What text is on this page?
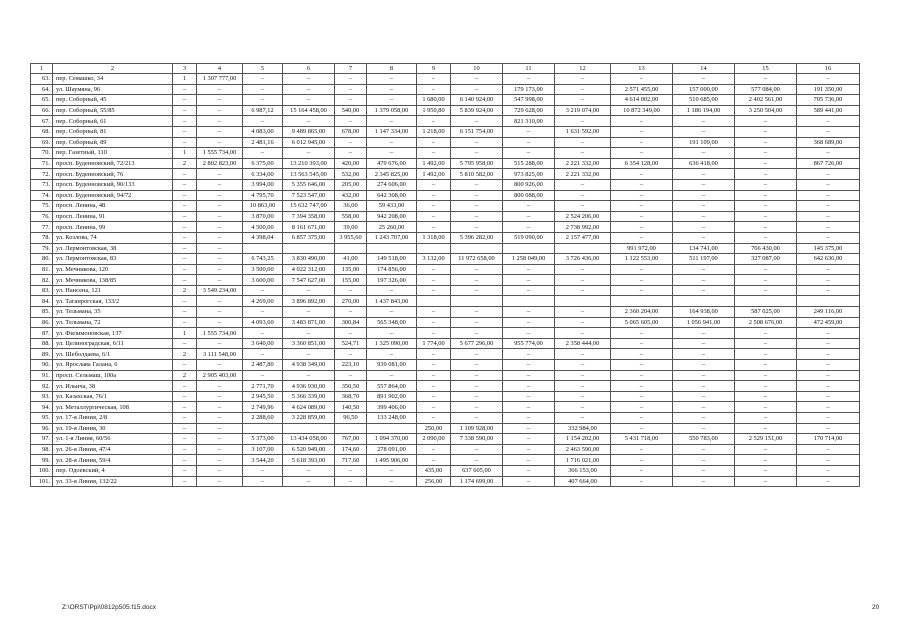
1	2	3	4	5	6	7	8	9	10	11	12	13	14	15	16
63.	пер. Семашко, 34	1	1 307 777,00	–	–	–	–	–	–	–	–	–	–	–	–
64.	ул. Шаумяна, 96	–	–	–	–	–	–	–	–	179 173,00	–	2 571 455,00	157 000,00	577 084,00	191 350,00
65.	пер. Соборный, 45	–	–	–	–	–	–	1 680,00	6 140 924,00	547 998,00	–	4 614 002,00	510 685,00	2 402 561,00	705 736,00
66.	пер. Соборный, 55/85	–	–	6 987,12	15 164 458,00	540,00	1 379 058,00	1 950,80	5 839 924,00	729 628,00	3 219 074,00	10 872 349,00	1 186 194,00	3 250 504,00	589 441,00
67.	пер. Соборный, 61	–	–	–	–	–	–	–	–	821 310,00	–	–	–	–	–
68.	пер. Соборный, 81	–	–	4 083,00	9 489 865,00	678,00	1 147 334,00	1 218,00	6 151 754,00	–	1 631 592,00	–	–	–	–
69.	пер. Соборный, 89	–	–	2 481,16	6 012 945,00	–	–	–	–	–	–	–	191 109,00	–	368 689,00
70.	пер. Газетный, 110	1	1 555 734,00	–	–	–	–	–	–	–	–	–	–	–	–
71.	просп. Буденновский, 72/213	2	2 802 823,00	6 375,00	13 210 393,00	420,00	479 676,00	1 492,00	5 795 958,00	515 288,00	2 221 332,00	6 354 128,00	636 418,00	–	867 726,00
72.	просп. Буденновский, 76	–	–	6 334,00	13 563 545,00	532,00	2 345 825,00	1 492,00	5 810 582,00	973 825,00	2 221 332,00	–	–	–	–
73.	просп. Буденновский, 90/133	–	–	3 994,00	5 355 646,00	205,00	274 606,00	–	–	800 926,00	–	–	–	–	–
74.	просп. Буденновский, 94/72	–	–	4 795,70	7 523 547,00	432,00	642 308,00	–	–	800 088,00	–	–	–	–	–
75.	просп. Ленина, 48	–	–	10 863,00	15 632 747,00	36,00	59 433,00	–	–	–	–	–	–	–	–
76.	просп. Ленина, 91	–	–	3 870,00	7 394 358,00	558,00	942 208,00	–	–	–	2 524 206,00	–	–	–	–
77.	просп. Ленина, 99	–	–	4 500,00	8 161 671,00	39,00	25 260,00	–	–	–	2 738 992,00	–	–	–	–
78.	ул. Козлова, 74	–	–	4 398,04	6 857 375,00	3 955,60	1 243 707,00	1 318,00	5 396 282,00	519 090,00	2 157 477,00	–	–	–	–
79.	ул. Лермонтовская, 38	–	–									991 972,00	134 741,00	766 430,00	145 375,00
80.	ул. Лермонтовская, 83	–	–	6 743,25	3 830 490,00	41,00	149 518,00	3 132,00	11 972 658,00	1 258 049,00	3 726 436,00	1 122 553,00	511 197,00	327 087,00	642 636,00
81.	ул. Мечникова, 120	–	–	3 500,00	4 022 312,00	135,00	174 856,00	–	–	–	–	–	–	–	–
82.	ул. Мечникова, 138/85	–	–	3 600,00	7 547 627,00	155,00	197 326,00	–	–	–	–	–	–	–	–
83.	ул. Нансена, 121	2	3 549 234,00	–	–	–	–	–	–	–	–	–	–	–	–
84.	ул. Таганрогская, 133/2	–	–	4 269,00	3 896 892,00	270,00	1 437 843,00								
85.	ул. Тельмана, 35	–	–	–	–	–	–	–	–	–	–	2 360 204,00	164 938,00	587 025,00	249 116,00
86.	ул. Тельмана, 72	–	–	4 093,60	3 483 871,00	300,84	565 348,00	–	–	–	–	5 065 605,00	1 056 941,00	2 508 676,00	472 459,00
87.	ул. Филимоновская, 137	1	1 555 734,00	–	–	–	–	–	–	–	–	–	–	–	–
88.	ул. Целиноградская, 6/11	–	–	3 640,00	3 360 851,00	524,71	1 325 090,00	1 774,00	5 677 296,00	955 774,00	2 358 444,00	–	–	–	–
89.	ул. Шеболдаева, 6/1	2	3 111 548,00	–	–	–	–	–	–	–	–	–	–	–	–
90.	ул. Ярослава Галана, 6	–	–	2 487,80	4 938 349,00	223,10	939 081,00	–	–	–	–	–	–	–	–
91.	просп. Сельмаш, 100а	2	2 905 403,00	–	–	–	–	–	–	–	–	–	–	–	–
92.	ул. Ильича, 38	–	–	2 771,70	4 936 930,00	350,50	557 864,00	–	–	–	–	–	–	–	–
93.	ул. Казахская, 76/1	–	–	2 945,50	5 366 339,00	368,70	891 902,00	–	–	–	–	–	–	–	–
94.	ул. Металлургическая, 108	–	–	2 749,96	4 624 089,00	140,50	399 406,00	–	–	–	–	–	–	–	–
95.	ул. 17-я Линия, 2/8	–	–	2 288,60	3 228 859,00	96,50	133 248,00	–	–	–	–	–	–	–	–
96.	ул. 19-я Линия, 30	–	–					250,00	1 109 928,00	–	332 984,00	–	–	–	–
97.	ул. 1-я Линия, 60/56	–	–	5 373,00	13 434 058,00	767,00	1 094 370,00	2 090,00	7 338 590,00	–	1 154 202,00	5 431 718,00	550 783,00	2 529 151,00	170 714,00
98.	ул. 26-я Линия, 47/4	–	–	3 107,00	6 520 949,00	174,60	278 091,00	–	–	–	2 463 590,00	–	–	–	–
99.	ул. 28-я Линия, 59/4	–	–	3 544,20	5 618 393,00	717,60	1 495 906,00	–	–	–	1 716 021,00	–	–	–	–
100.	пер. Одоевский, 4	–	–	–	–	–	–	435,00	637 605,00	–	366 153,00	–	–	–	–
101.	ул. 33-я Линия, 132/22	–	–	–	–	–	–	256,00	1 174 699,00	–	407 664,00	–	–	–	–
Z:\ORST\Ppi\0812p505.f15.docx	20
